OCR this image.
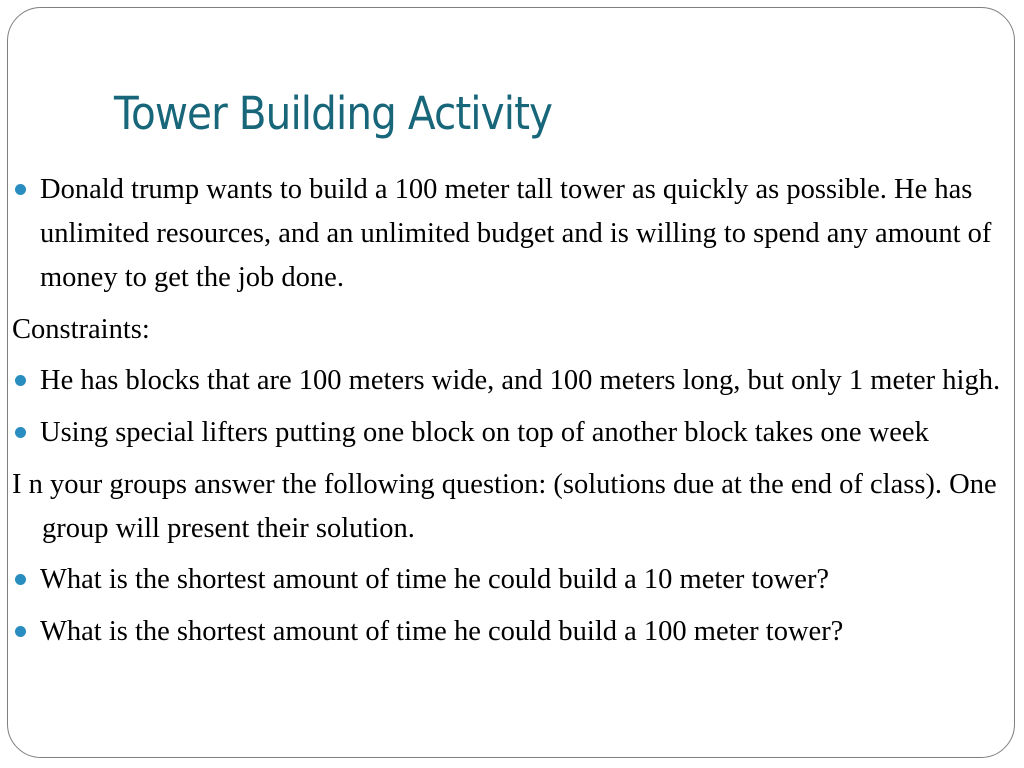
Tower Building Activity
Donald trump wants to build a 100 meter tall tower as quickly as possible. He has unlimited resources, and an unlimited budget and is willing to spend any amount of money to get the job done.
Constraints:
He has blocks that are 100 meters wide, and 100 meters long, but only 1 meter high.
Using special lifters putting one block on top of another block takes one week
I n your groups answer the following question: (solutions due at the end of class). One group will present their solution.
What is the shortest amount of time he could build a 10 meter tower?
What is the shortest amount of time he could build a 100 meter tower?
